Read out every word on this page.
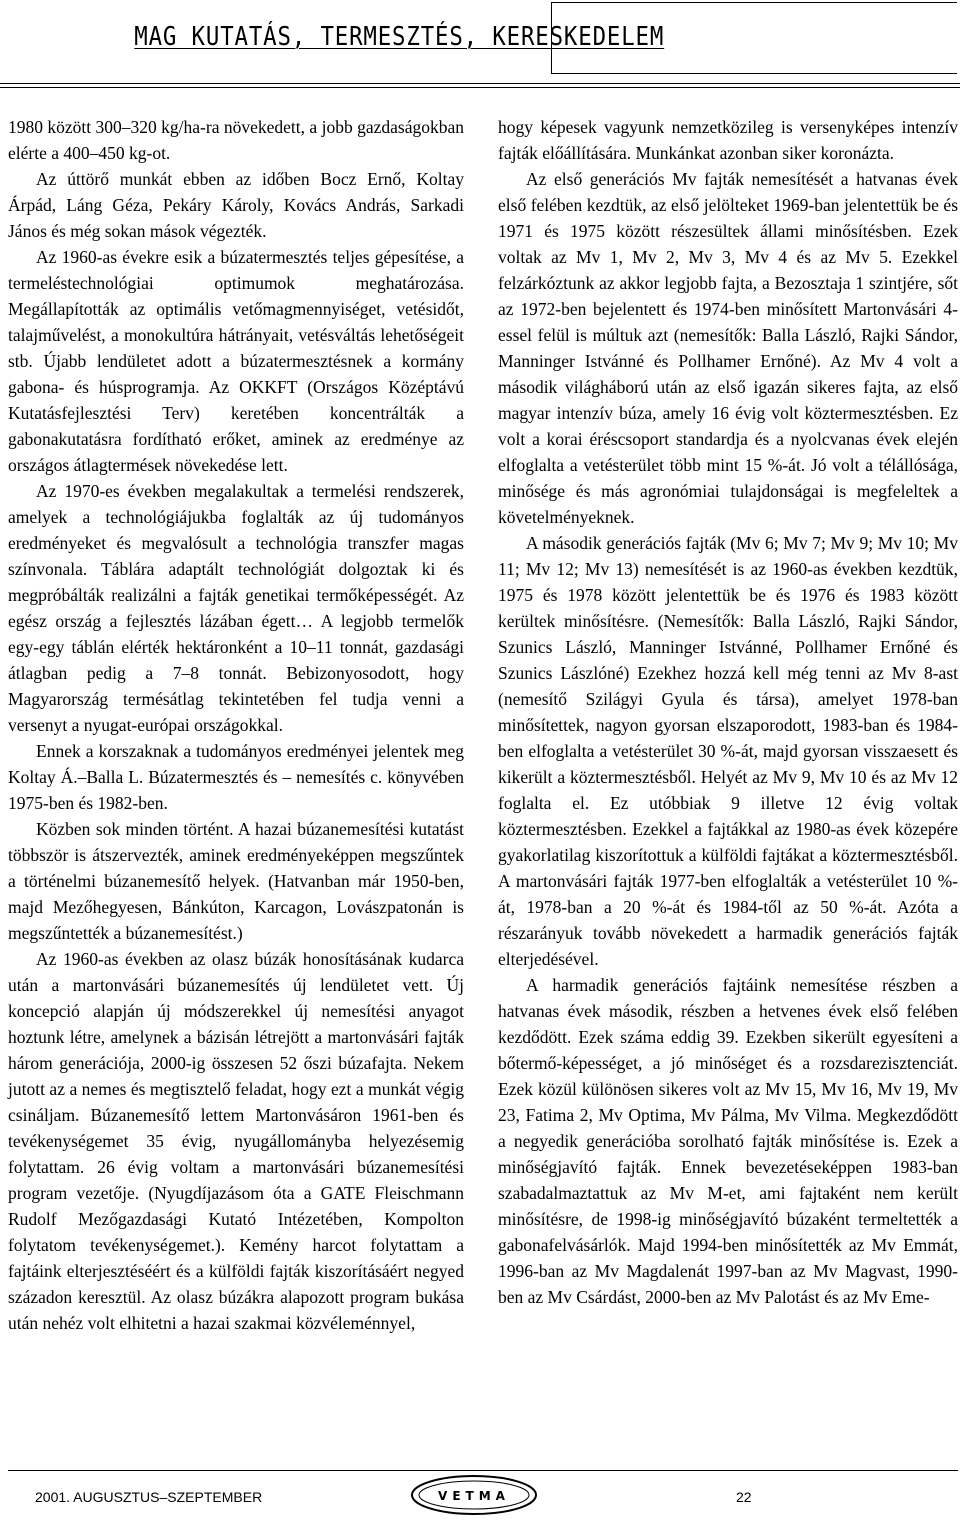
MAG KUTATÁS, TERMESZTÉS, KERESKEDELEM

1980 között 300–320 kg/ha-ra növekedett, a jobb gazdaságokban elérte a 400–450 kg-ot.

Az úttörő munkát ebben az időben Bocz Ernő, Koltay Árpád, Láng Géza, Pekáry Károly, Kovács András, Sarkadi János és még sokan mások végezték.

Az 1960-as évekre esik a búzatermesztés teljes gépesítése, a termeléstechnológiai optimumok meghatározása. Megállapították az optimális vetőmagmennyiséget, vetésidőt, talajművelést, a monokultúra hátrányait, vetésváltás lehetőségeit stb. Újabb lendületet adott a búzatermesztésnek a kormány gabona- és húsprogramja. Az OKKFT (Országos Középtávú Kutatásfejlesztési Terv) keretében koncentrálták a gabonakutatásra fordítható erőket, aminek az eredménye az országos átlagtermések növekedése lett.

Az 1970-es években megalakultak a termelési rendszerek, amelyek a technológiájukba foglalták az új tudományos eredményeket és megvalósult a technológia transzfer magas színvonala. Táblára adaptált technológiát dolgoztak ki és megpróbálták realizálni a fajták genetikai termőképességét. Az egész ország a fejlesztés lázában égett… A legjobb termelők egy-egy táblán elérték hektáronként a 10–11 tonnát, gazdasági átlagban pedig a 7–8 tonnát. Bebizonyosodott, hogy Magyarország termésátlag tekintetében fel tudja venni a versenyt a nyugat-európai országokkal.

Ennek a korszaknak a tudományos eredményei jelentek meg Koltay Á.–Balla L. Búzatermesztés és – nemesítés c. könyvében 1975-ben és 1982-ben.

Közben sok minden történt. A hazai búzanemesítési kutatást többször is átszervezték, aminek eredményeképpen megszűntek a történelmi búzanemesítő helyek. (Hatvanban már 1950-ben, majd Mezőhegyesen, Bánkúton, Karcagon, Lovászpatonán is megszűntették a búzanemesítést.)

Az 1960-as években az olasz búzák honosításának kudarca után a martonvásári búzanemesítés új lendületet vett. Új koncepció alapján új módszerekkel új nemesítési anyagot hoztunk létre, amelynek a bázisán létrejött a martonvásári fajták három generációja, 2000-ig összesen 52 őszi búzafajta. Nekem jutott az a nemes és megtisztelő feladat, hogy ezt a munkát végig csináljam. Búzanemesítő lettem Martonvásáron 1961-ben és tevékenységemet 35 évig, nyugállományba helyezésemig folytattam. 26 évig voltam a martonvásári búzanemesítési program vezetője. (Nyugdíjazásom óta a GATE Fleischmann Rudolf Mezőgazdasági Kutató Intézetében, Kompolton folytatom tevékenységemet.). Kemény harcot folytattam a fajtáink elterjesztéséért és a külföldi fajták kiszorításáért negyed századon keresztül. Az olasz búzákra alapozott program bukása után nehéz volt elhitetni a hazai szakmai közvéleménnyel,

hogy képesek vagyunk nemzetközileg is versenyképes intenzív fajták előállítására. Munkánkat azonban siker koronázta.

Az első generációs Mv fajták nemesítését a hatvanas évek első felében kezdtük, az első jelölteket 1969-ban jelentettük be és 1971 és 1975 között részesültek állami minősítésben. Ezek voltak az Mv 1, Mv 2, Mv 3, Mv 4 és az Mv 5. Ezekkel felzárkóztunk az akkor legjobb fajta, a Bezosztaja 1 szintjére, sőt az 1972-ben bejelentett és 1974-ben minősített Martonvásári 4-essel felül is múltuk azt (nemesítők: Balla László, Rajki Sándor, Manninger Istvánné és Pollhamer Ernőné). Az Mv 4 volt a második világháború után az első igazán sikeres fajta, az első magyar intenzív búza, amely 16 évig volt köztermesztésben. Ez volt a korai éréscsoport standardja és a nyolcvanas évek elején elfoglalta a vetésterület több mint 15 %-át. Jó volt a télállósága, minősége és más agronómiai tulajdonságai is megfeleltek a követelményeknek.

A második generációs fajták (Mv 6; Mv 7; Mv 9; Mv 10; Mv 11; Mv 12; Mv 13) nemesítését is az 1960-as években kezdtük, 1975 és 1978 között jelentettük be és 1976 és 1983 között kerültek minősítésre. (Nemesítők: Balla László, Rajki Sándor, Szunics László, Manninger Istvánné, Pollhamer Ernőné és Szunics Lászlóné) Ezekhez hozzá kell még tenni az Mv 8-ast (nemesítő Szilágyi Gyula és társa), amelyet 1978-ban minősítettek, nagyon gyorsan elszaporodott, 1983-ban és 1984-ben elfoglalta a vetésterület 30 %-át, majd gyorsan visszaesett és kikerült a köztermesztésből. Helyét az Mv 9, Mv 10 és az Mv 12 foglalta el. Ez utóbbiak 9 illetve 12 évig voltak köztermesztésben. Ezekkel a fajtákkal az 1980-as évek közepére gyakorlatilag kiszorítottuk a külföldi fajtákat a köztermesztésből. A martonvásári fajták 1977-ben elfoglalták a vetésterület 10 %-át, 1978-ban a 20 %-át és 1984-től az 50 %-át. Azóta a részarányuk tovább növekedett a harmadik generációs fajták elterjedésével.

A harmadik generációs fajtáink nemesítése részben a hatvanas évek második, részben a hetvenes évek első felében kezdődött. Ezek száma eddig 39. Ezekben sikerült egyesíteni a bőtermő-képességet, a jó minőséget és a rozsdarezisztenciát. Ezek közül különösen sikeres volt az Mv 15, Mv 16, Mv 19, Mv 23, Fatima 2, Mv Optima, Mv Pálma, Mv Vilma. Megkezdődött a negyedik generációba sorolható fajták minősítése is. Ezek a minőségjavító fajták. Ennek bevezetéseképpen 1983-ban szabadalmaztattuk az Mv M-et, ami fajtaként nem került minősítésre, de 1998-ig minőségjavító búzaként termeltették a gabonafelvásárlók. Majd 1994-ben minősítették az Mv Emmát, 1996-ban az Mv Magdalenát 1997-ban az Mv Magvast, 1990-ben az Mv Csárdást, 2000-ben az Mv Palotást és az Mv Eme-

2001. AUGUSZTUS–SZEPTEMBER	VETMA	22
